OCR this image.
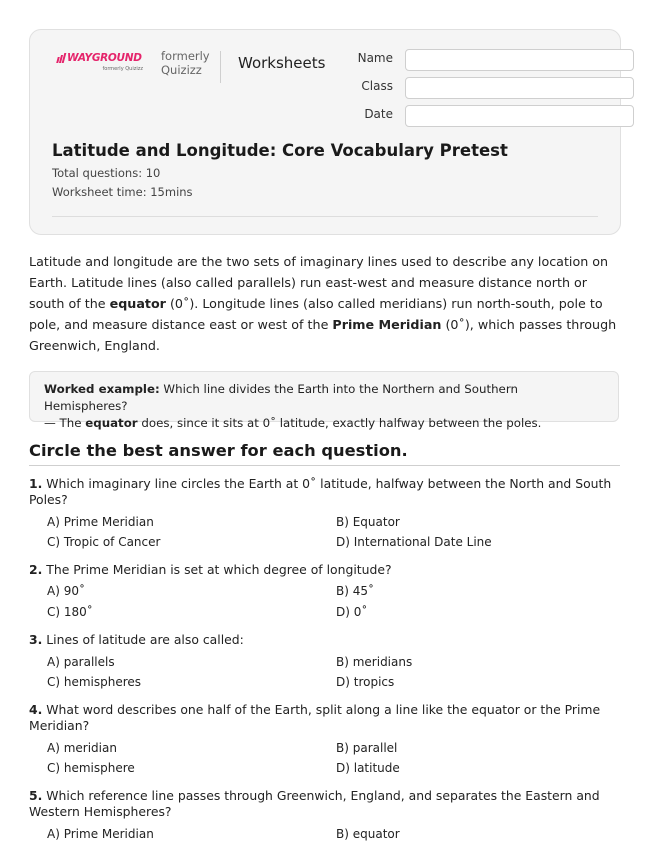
WAYGROUND
formerly Quizizz
formerly
Quizizz	Worksheets	Name
Class
Date
Latitude and Longitude: Core Vocabulary Pretest
Total questions: 10
Worksheet time: 15mins

Latitude and longitude are the two sets of imaginary lines used to describe any location on Earth. Latitude lines (also called parallels) run east-west and measure distance north or south of the equator (0˚). Longitude lines (also called meridians) run north-south, pole to pole, and measure distance east or west of the Prime Meridian (0˚), which passes through Greenwich, England.

Worked example: Which line divides the Earth into the Northern and Southern Hemispheres?
— The equator does, since it sits at 0˚ latitude, exactly halfway between the poles.
Circle the best answer for each question.

1. Which imaginary line circles the Earth at 0˚ latitude, halfway between the North and South Poles?

A) Prime Meridian	B) Equator
C) Tropic of Cancer	D) International Date Line

2. The Prime Meridian is set at which degree of longitude?

A) 90˚	B) 45˚
C) 180˚	D) 0˚

3. Lines of latitude are also called:

A) parallels	B) meridians
C) hemispheres	D) tropics

4. What word describes one half of the Earth, split along a line like the equator or the Prime Meridian?

A) meridian	B) parallel
C) hemisphere	D) latitude

5. Which reference line passes through Greenwich, England, and separates the Eastern and Western Hemispheres?

A) Prime Meridian	B) equator
